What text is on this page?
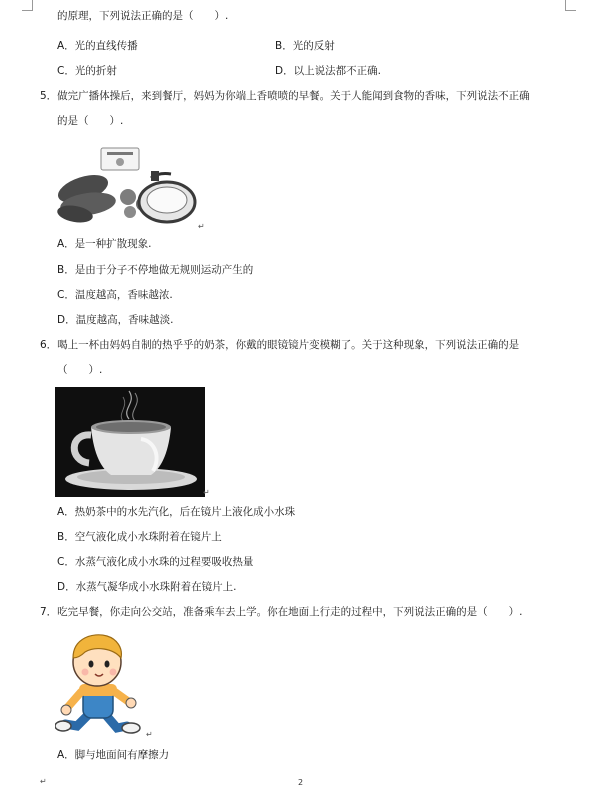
的原理，下列说法正确的是（　　）.
A．光的直线传播	B．光的反射
C．光的折射	D．以上说法都不正确.
5．做完广播体操后，来到餐厅，妈妈为你端上香喷喷的早餐。关于人能闻到食物的香味，下列说法不正确
的是（　　）.
↵
A．是一种扩散现象.
B．是由于分子不停地做无规则运动产生的
C．温度越高，香味越浓.
D．温度越高，香味越淡.
6．喝上一杯由妈妈自制的热乎乎的奶茶，你戴的眼镜镜片变模糊了。关于这种现象，下列说法正确的是
（　　）.
↵
A．热奶茶中的水先汽化，后在镜片上液化成小水珠
B．空气液化成小水珠附着在镜片上
C．水蒸气液化成小水珠的过程要吸收热量
D．水蒸气凝华成小水珠附着在镜片上.
7．吃完早餐，你走向公交站，准备乘车去上学。你在地面上行走的过程中，下列说法正确的是（　　）.
↵
A．脚与地面间有摩擦力
↵	2
